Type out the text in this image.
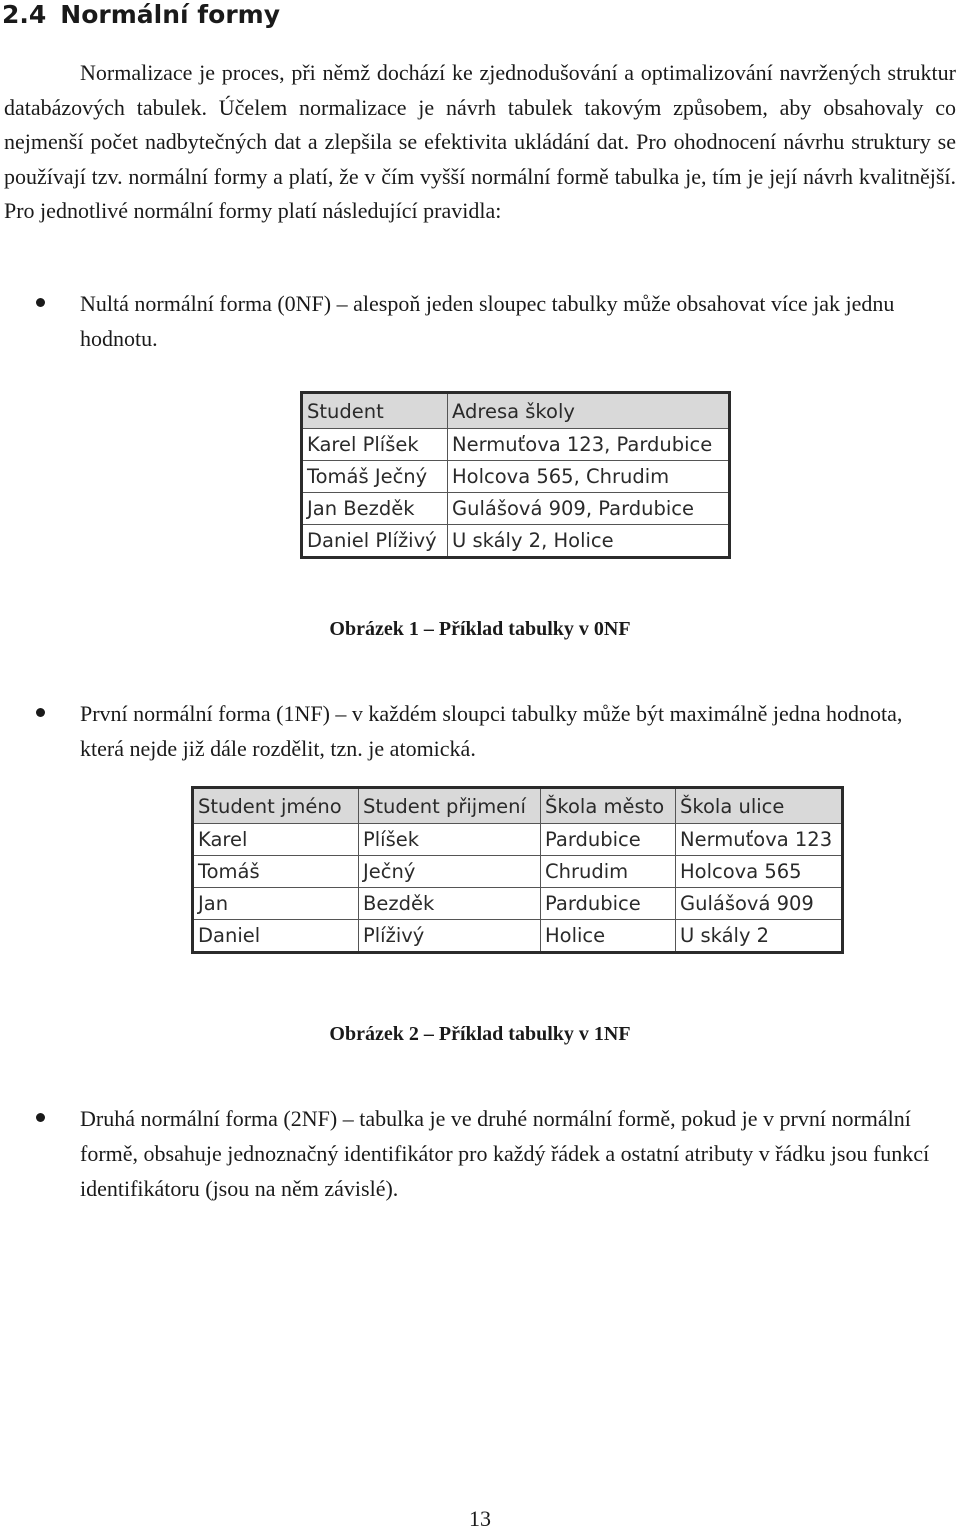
2.4 Normální formy

Normalizace je proces, při němž dochází ke zjednodušování a optimalizování navržených struktur databázových tabulek. Účelem normalizace je návrh tabulek takovým způsobem, aby obsahovaly co nejmenší počet nadbytečných dat a zlepšila se efektivita ukládání dat. Pro ohodnocení návrhu struktury se používají tzv. normální formy a platí, že v čím vyšší normální formě tabulka je, tím je její návrh kvalitnější. Pro jednotlivé normální formy platí následující pravidla:

Nultá normální forma (0NF) – alespoň jeden sloupec tabulky může obsahovat více jak jednu hodnotu.
Student	Adresa školy
Karel Plíšek	Nermuťova 123, Pardubice
Tomáš Ječný	Holcova 565, Chrudim
Jan Bezděk	Gulášová 909, Pardubice
Daniel Plíživý	U skály 2, Holice

Obrázek 1 – Příklad tabulky v 0NF

První normální forma (1NF) – v každém sloupci tabulky může být maximálně jedna hodnota, která nejde již dále rozdělit, tzn. je atomická.
Student jméno	Student přijmení	Škola město	Škola ulice
Karel	Plíšek	Pardubice	Nermuťova 123
Tomáš	Ječný	Chrudim	Holcova 565
Jan	Bezděk	Pardubice	Gulášová 909
Daniel	Plíživý	Holice	U skály 2

Obrázek 2 – Příklad tabulky v 1NF

Druhá normální forma (2NF) – tabulka je ve druhé normální formě, pokud je v první normální formě, obsahuje jednoznačný identifikátor pro každý řádek a ostatní atributy v řádku jsou funkcí identifikátoru (jsou na něm závislé).

13
